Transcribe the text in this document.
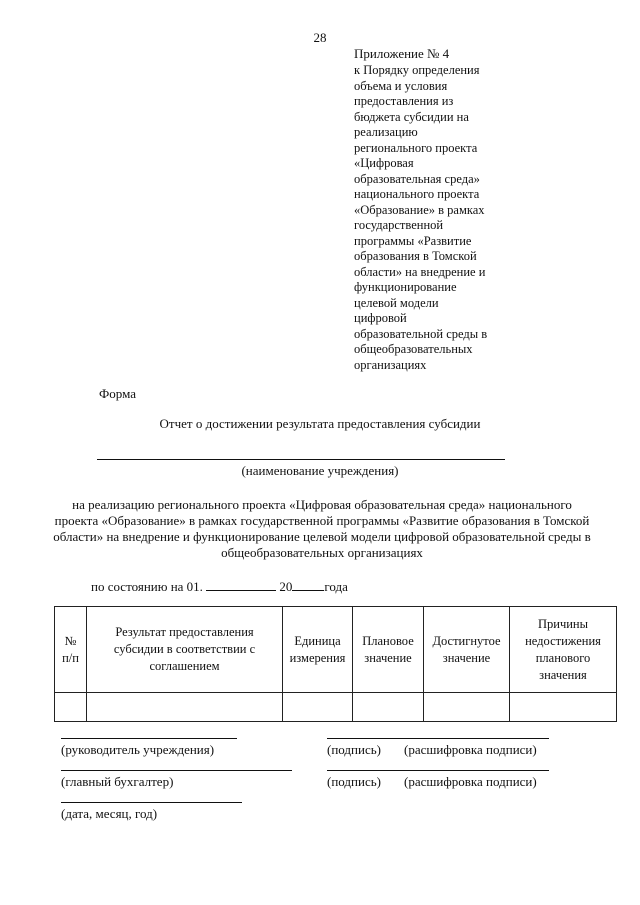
28
Приложение № 4

к Порядку определения

объема и условия

предоставления из

бюджета субсидии на

реализацию

регионального проекта

«Цифровая

образовательная среда»

национального проекта

«Образование» в рамках

государственной

программы «Развитие

образования в Томской

области» на внедрение и

функционирование

целевой модели

цифровой

образовательной среды в

общеобразовательных

организациях

Форма
Отчет о достижении результата предоставления субсидии
(наименование учреждения)
на реализацию регионального проекта «Цифровая образовательная среда» национального проекта «Образование» в рамках государственной программы «Развитие образования в Томской области» на внедрение и функционирование целевой модели цифровой образовательной среды в общеобразовательных организациях
по состоянию на 01.	20 года
№ п/п	Результат предоставления субсидии в соответствии с соглашением	Единица измерения	Плановое значение	Достигнутое значение	Причины недостижения планового значения

(руководитель учреждения)	(подпись) (расшифровка подписи)
(главный бухгалтер)	(подпись) (расшифровка подписи)
(дата, месяц, год)
